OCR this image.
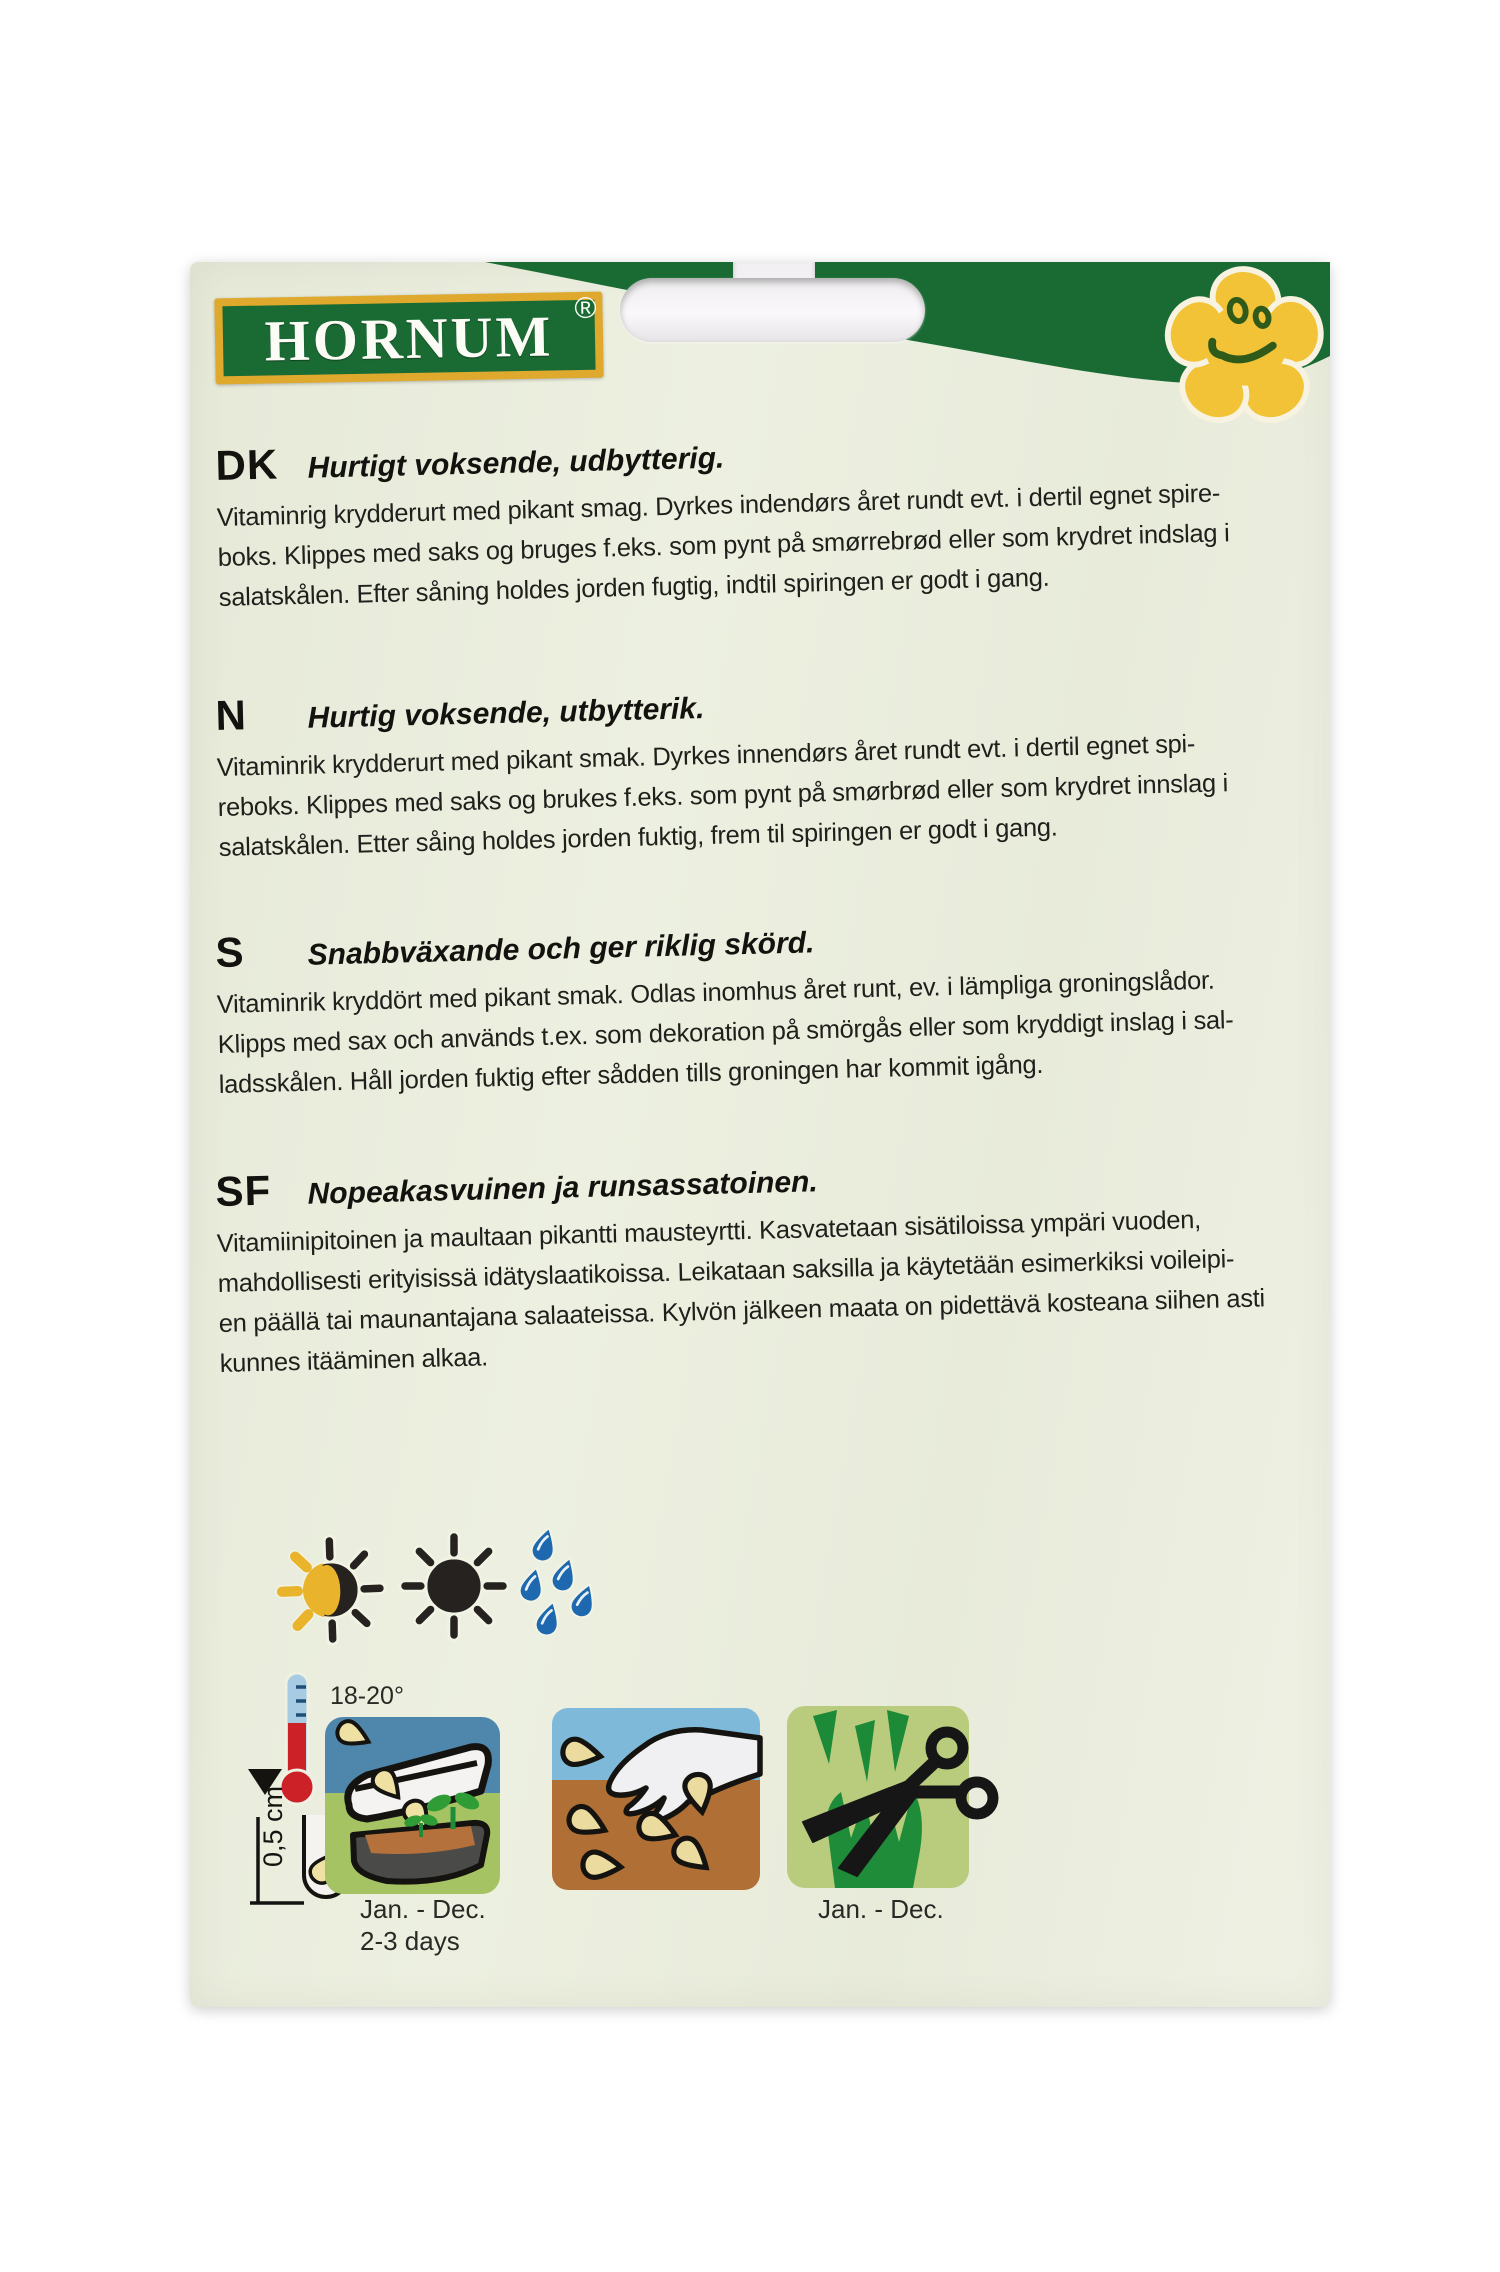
HORNUM ®
DK Hurtigt voksende, udbytterig.
Vitaminrig krydderurt med pikant smag. Dyrkes indendørs året rundt evt. i dertil egnet spire-
boks. Klippes med saks og bruges f.eks. som pynt på smørrebrød eller som krydret indslag i
salatskålen. Efter såning holdes jorden fugtig, indtil spiringen er godt i gang.
N	Hurtig voksende, utbytterik.
Vitaminrik krydderurt med pikant smak. Dyrkes innendørs året rundt evt. i dertil egnet spi-
reboks. Klippes med saks og brukes f.eks. som pynt på smørbrød eller som krydret innslag i
salatskålen. Etter såing holdes jorden fuktig, frem til spiringen er godt i gang.
S	Snabbväxande och ger riklig skörd.
Vitaminrik kryddört med pikant smak. Odlas inomhus året runt, ev. i lämpliga groningslådor.
Klipps med sax och används t.ex. som dekoration på smörgås eller som kryddigt inslag i sal-
ladsskålen. Håll jorden fuktig efter sådden tills groningen har kommit igång.
SF	Nopeakasvuinen ja runsassatoinen.
Vitamiinipitoinen ja maultaan pikantti mausteyrtti. Kasvatetaan sisätiloissa ympäri vuoden,
mahdollisesti erityisissä idätyslaatikoissa. Leikataan saksilla ja käytetään esimerkiksi voileipi-
en päällä tai maunantajana salaateissa. Kylvön jälkeen maata on pidettävä kosteana siihen asti
kunnes itääminen alkaa.
0,5 cm
18-20°
Jan. - Dec.
2-3 days
Jan. - Dec.
